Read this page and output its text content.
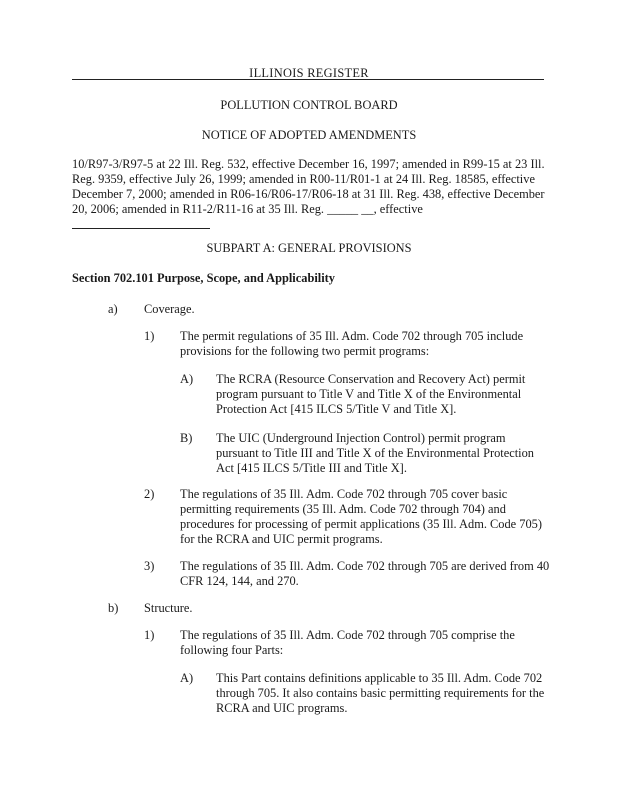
ILLINOIS REGISTER
POLLUTION CONTROL BOARD
NOTICE OF ADOPTED AMENDMENTS
10/R97-3/R97-5 at 22 Ill. Reg. 532, effective December 16, 1997; amended in R99-15 at 23 Ill. Reg. 9359, effective July 26, 1999; amended in R00-11/R01-1 at 24 Ill. Reg. 18585, effective December 7, 2000; amended in R06-16/R06-17/R06-18 at 31 Ill. Reg. 438, effective December 20, 2006; amended in R11-2/R11-16 at 35 Ill. Reg. _____ __, effective
SUBPART A: GENERAL PROVISIONS
Section 702.101 Purpose, Scope, and Applicability
a) Coverage.
1) The permit regulations of 35 Ill. Adm. Code 702 through 705 include provisions for the following two permit programs:
A) The RCRA (Resource Conservation and Recovery Act) permit program pursuant to Title V and Title X of the Environmental Protection Act [415 ILCS 5/Title V and Title X].
B) The UIC (Underground Injection Control) permit program pursuant to Title III and Title X of the Environmental Protection Act [415 ILCS 5/Title III and Title X].
2) The regulations of 35 Ill. Adm. Code 702 through 705 cover basic permitting requirements (35 Ill. Adm. Code 702 through 704) and procedures for processing of permit applications (35 Ill. Adm. Code 705) for the RCRA and UIC permit programs.
3) The regulations of 35 Ill. Adm. Code 702 through 705 are derived from 40 CFR 124, 144, and 270.
b) Structure.
1) The regulations of 35 Ill. Adm. Code 702 through 705 comprise the following four Parts:
A) This Part contains definitions applicable to 35 Ill. Adm. Code 702 through 705. It also contains basic permitting requirements for the RCRA and UIC programs.
